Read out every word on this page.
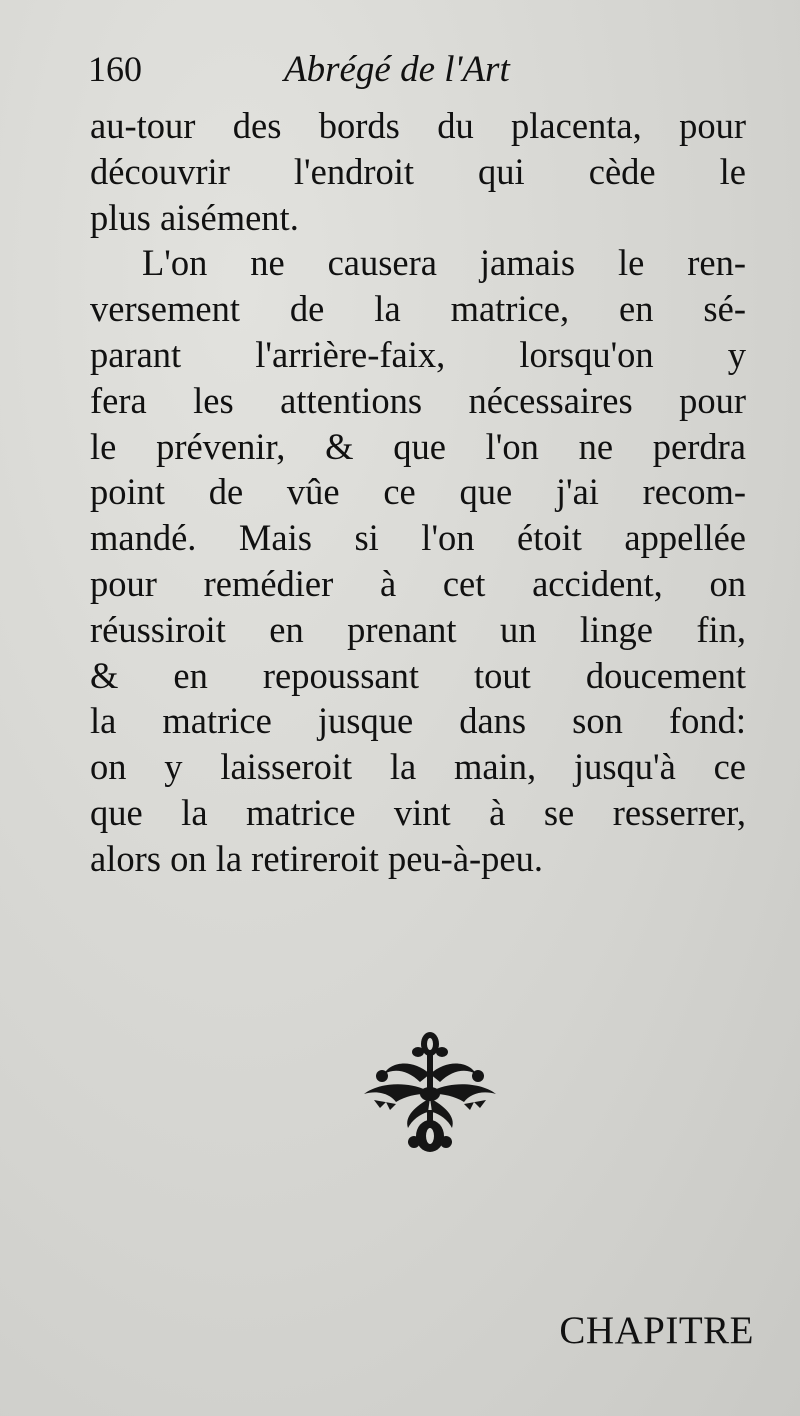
160	Abrégé de l'Art
au-tour des bords du placenta, pour
découvrir l'endroit qui cède le
plus aisément.
L'on ne causera jamais le ren-
versement de la matrice, en sé-
parant l'arrière-faix, lorsqu'on y
fera les attentions nécessaires pour
le prévenir, & que l'on ne perdra
point de vûe ce que j'ai recom-
mandé. Mais si l'on étoit appellée
pour remédier à cet accident, on
réussiroit en prenant un linge fin,
& en repoussant tout doucement
la matrice jusque dans son fond:
on y laisseroit la main, jusqu'à ce
que la matrice vint à se resserrer,
alors on la retireroit peu-à-peu.
CHAPITRE
